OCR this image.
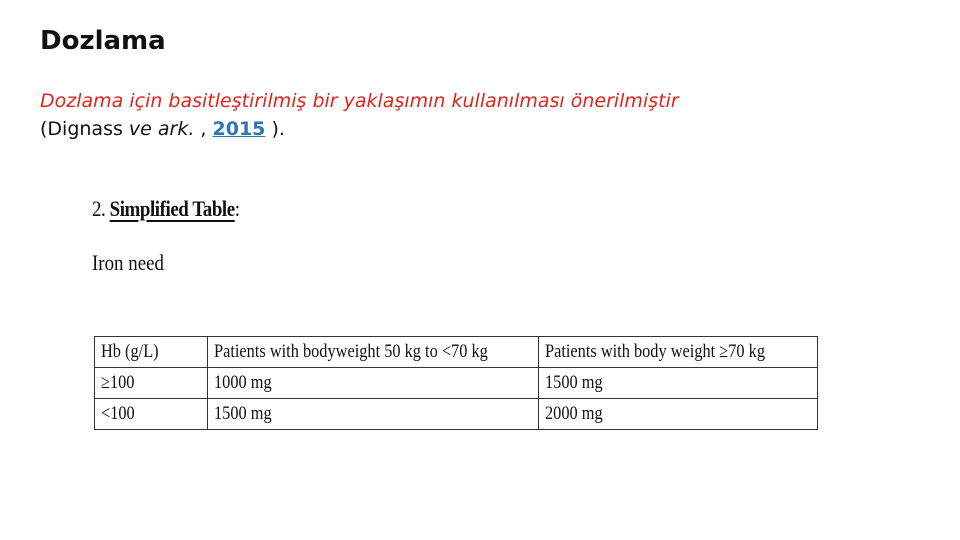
Dozlama
Dozlama için basitleştirilmiş bir yaklaşımın kullanılması önerilmiştir
(Dignass ve ark. , 2015 ).
2. Simplified Table:
Iron need
Hb (g/L)	Patients with bodyweight 50 kg to <70 kg	Patients with body weight ≥70 kg
≥100	1000 mg	1500 mg
<100	1500 mg	2000 mg
